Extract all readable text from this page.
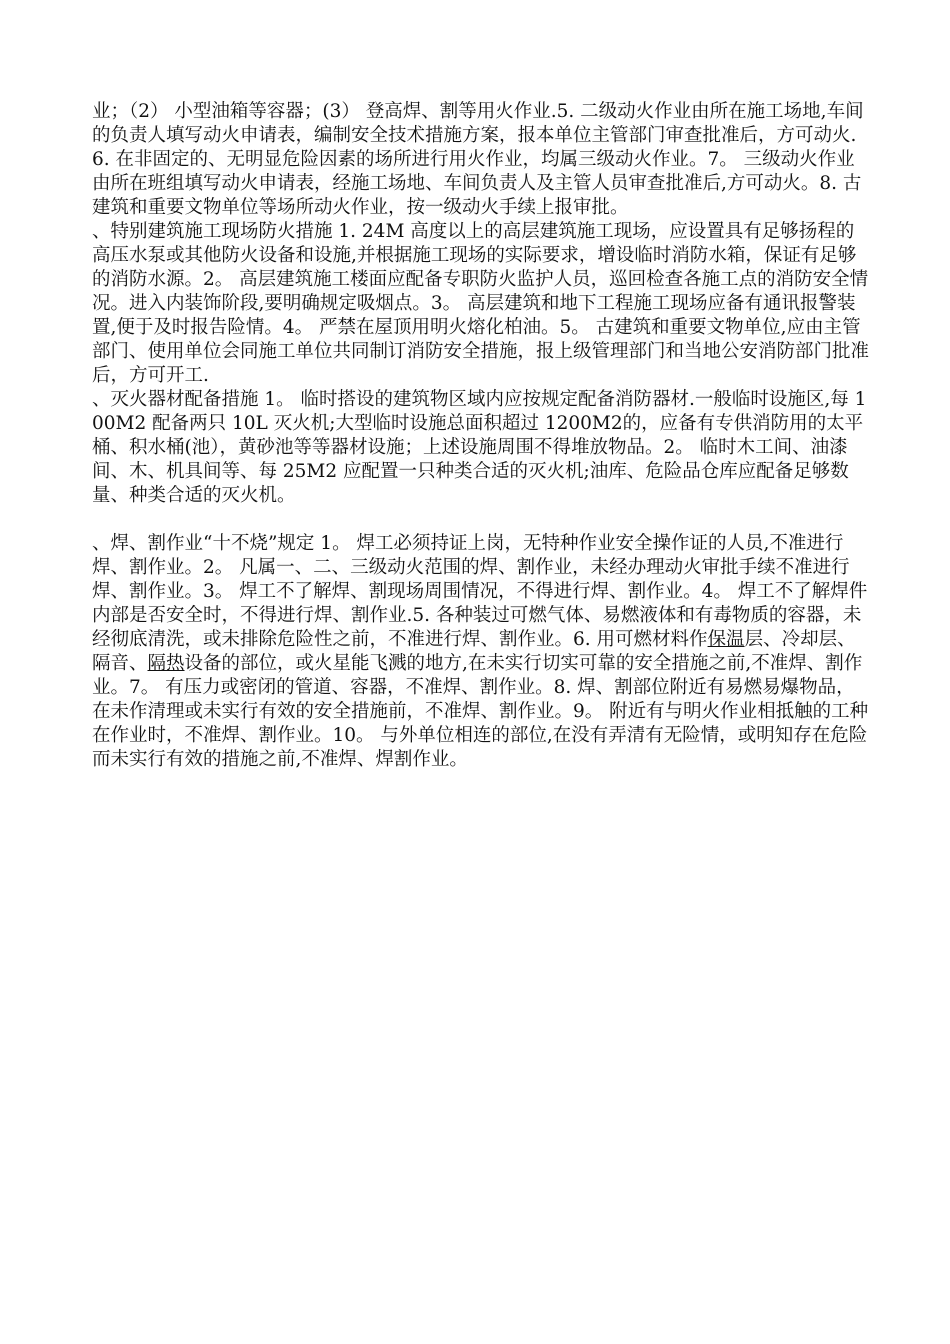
业；（2） 小型油箱等容器；(3） 登高焊、割等用火作业.5. 二级动火作业由所在施工场地,车间的负责人填写动火申请表，编制安全技术措施方案，报本单位主管部门审查批准后，方可动火.6. 在非固定的、无明显危险因素的场所进行用火作业，均属三级动火作业。7。 三级动火作业由所在班组填写动火申请表，经施工场地、车间负责人及主管人员审查批准后,方可动火。8. 古建筑和重要文物单位等场所动火作业，按一级动火手续上报审批。

、特别建筑施工现场防火措施 1. 24M 高度以上的高层建筑施工现场，应设置具有足够扬程的高压水泵或其他防火设备和设施,并根据施工现场的实际要求，增设临时消防水箱，保证有足够的消防水源。2。 高层建筑施工楼面应配备专职防火监护人员，巡回检查各施工点的消防安全情况。进入内装饰阶段,要明确规定吸烟点。3。 高层建筑和地下工程施工现场应备有通讯报警装置,便于及时报告险情。4。 严禁在屋顶用明火熔化柏油。5。 古建筑和重要文物单位,应由主管部门、使用单位会同施工单位共同制订消防安全措施，报上级管理部门和当地公安消防部门批准后，方可开工.

、灭火器材配备措施 1。 临时搭设的建筑物区域内应按规定配备消防器材.一般临时设施区,每 100M2 配备两只 10L 灭火机;大型临时设施总面积超过 1200M2的，应备有专供消防用的太平桶、积水桶(池），黄砂池等等器材设施；上述设施周围不得堆放物品。2。 临时木工间、油漆间、木、机具间等、每 25M2 应配置一只种类合适的灭火机;油库、危险品仓库应配备足够数量、种类合适的灭火机。

、焊、割作业“十不烧”规定 1。 焊工必须持证上岗，无特种作业安全操作证的人员,不准进行焊、割作业。2。 凡属一、二、三级动火范围的焊、割作业，未经办理动火审批手续不准进行焊、割作业。3。 焊工不了解焊、割现场周围情况，不得进行焊、割作业。4。 焊工不了解焊件内部是否安全时，不得进行焊、割作业.5. 各种装过可燃气体、易燃液体和有毒物质的容器，未经彻底清洗，或未排除危险性之前，不准进行焊、割作业。6. 用可燃材料作保温层、冷却层、隔音、隔热设备的部位，或火星能飞溅的地方,在未实行切实可靠的安全措施之前,不准焊、割作业。7。 有压力或密闭的管道、容器，不准焊、割作业。8. 焊、割部位附近有易燃易爆物品，在未作清理或未实行有效的安全措施前，不准焊、割作业。9。 附近有与明火作业相抵触的工种在作业时，不准焊、割作业。10。 与外单位相连的部位,在没有弄清有无险情，或明知存在危险而未实行有效的措施之前,不准焊、焊割作业。
